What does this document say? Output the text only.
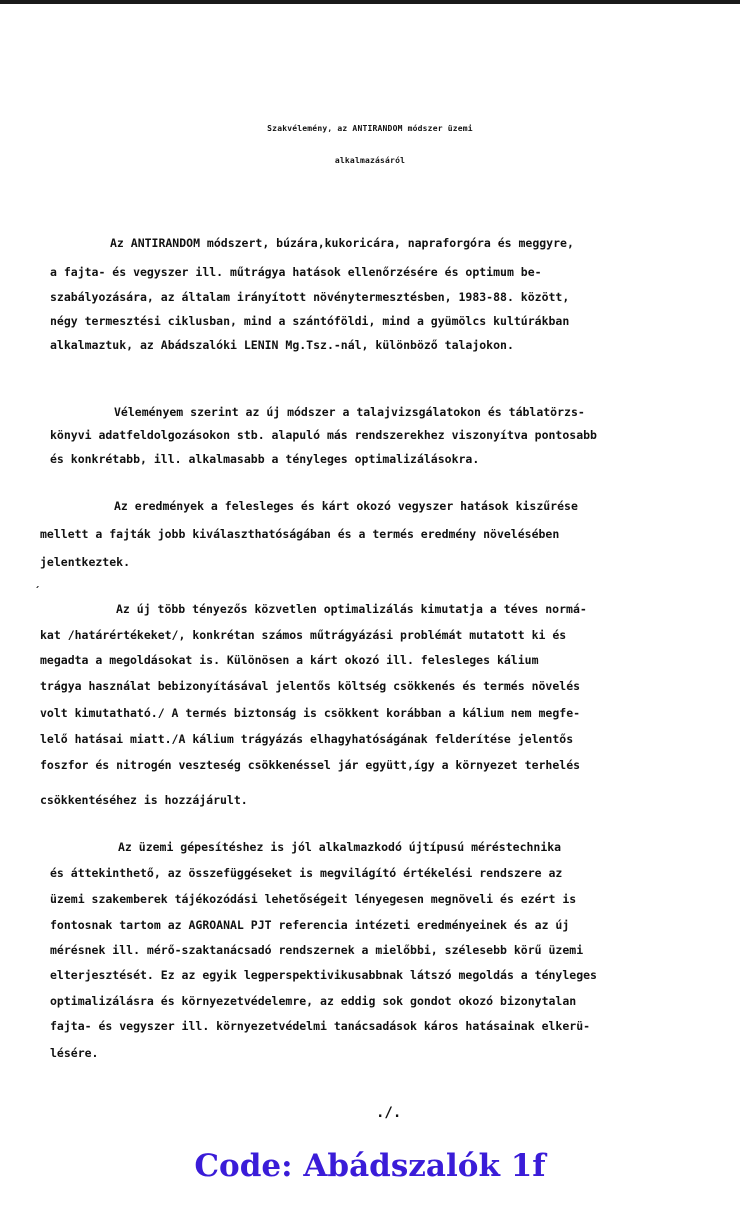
Szakvélemény, az ANTIRANDOM módszer üzemi
alkalmazásáról
Az ANTIRANDOM módszert, búzára,kukoricára, napraforgóra és meggyre,
a fajta- és vegyszer ill. műtrágya hatások ellenőrzésére és optimum be-
szabályozására, az általam irányított növénytermesztésben, 1983-88. között,
négy termesztési ciklusban, mind a szántóföldi, mind a gyümölcs kultúrákban
alkalmaztuk, az Abádszalóki LENIN Mg.Tsz.-nál, különböző talajokon.
Véleményem szerint az új módszer a talajvizsgálatokon és táblatörzs-
könyvi adatfeldolgozásokon stb. alapuló más rendszerekhez viszonyítva pontosabb
és konkrétabb, ill. alkalmasabb a tényleges optimalizálásokra.
Az eredmények a felesleges és kárt okozó vegyszer hatások kiszűrése
mellett a fajták jobb kiválaszthatóságában és a termés eredmény növelésében
jelentkeztek.
ˊ
Az új több tényezős közvetlen optimalizálás kimutatja a téves normá-
kat /határértékeket/, konkrétan számos műtrágyázási problémát mutatott ki és
megadta a megoldásokat is. Különösen a kárt okozó ill. felesleges kálium
trágya használat bebizonyításával jelentős költség csökkenés és termés növelés
volt kimutatható./ A termés biztonság is csökkent korábban a kálium nem megfe-
lelő hatásai miatt./A kálium trágyázás elhagyhatóságának felderítése jelentős
foszfor és nitrogén veszteség csökkenéssel jár együtt,így a környezet terhelés
csökkentéséhez is hozzájárult.
Az üzemi gépesítéshez is jól alkalmazkodó újtípusú méréstechnika
és áttekinthető, az összefüggéseket is megvilágító értékelési rendszere az
üzemi szakemberek tájékozódási lehetőségeit lényegesen megnöveli és ezért is
fontosnak tartom az AGROANAL PJT referencia intézeti eredményeinek és az új
mérésnek ill. mérő-szaktanácsadó rendszernek a mielőbbi, szélesebb körű üzemi
elterjesztését. Ez az egyik legperspektivikusabbnak látszó megoldás a tényleges
optimalizálásra és környezetvédelemre, az eddig sok gondot okozó bizonytalan
fajta- és vegyszer ill. környezetvédelmi tanácsadások káros hatásainak elkerü-
lésére.
./.
Code: Abádszalók 1f
